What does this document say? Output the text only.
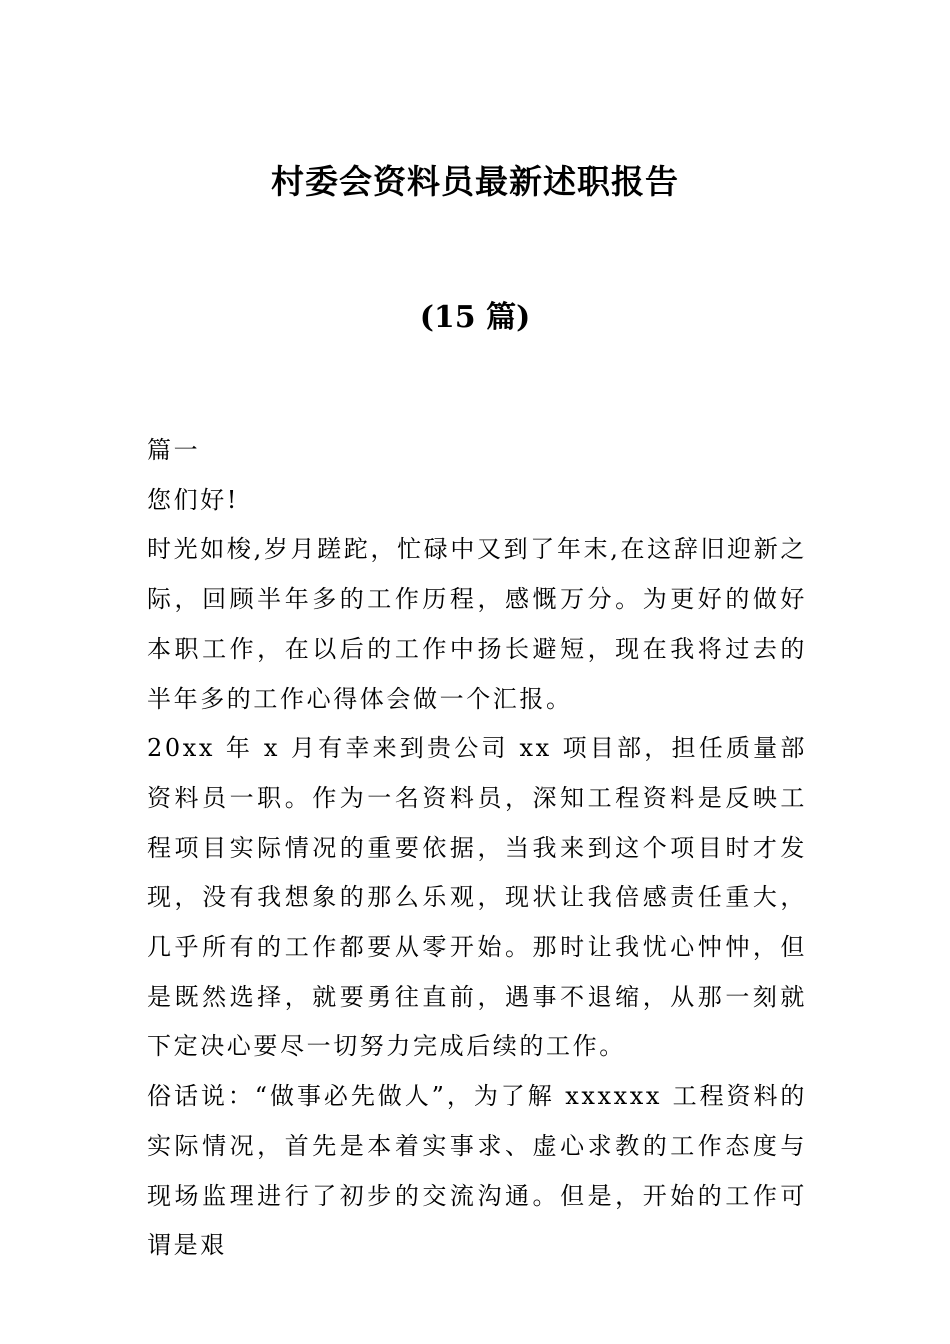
村委会资料员最新述职报告
(15 篇)

篇一

您们好!

时光如梭,岁月蹉跎，忙碌中又到了年末,在这辞旧迎新之际，回顾半年多的工作历程，感慨万分。为更好的做好本职工作，在以后的工作中扬长避短，现在我将过去的半年多的工作心得体会做一个汇报。

20xx 年 x 月有幸来到贵公司 xx 项目部，担任质量部资料员一职。作为一名资料员，深知工程资料是反映工程项目实际情况的重要依据，当我来到这个项目时才发现，没有我想象的那么乐观，现状让我倍感责任重大，几乎所有的工作都要从零开始。那时让我忧心忡忡，但是既然选择，就要勇往直前，遇事不退缩，从那一刻就下定决心要尽一切努力完成后续的工作。

俗话说：“做事必先做人”，为了解 xxxxxx 工程资料的实际情况，首先是本着实事求、虚心求教的工作态度与现场监理进行了初步的交流沟通。但是，开始的工作可谓是艰
